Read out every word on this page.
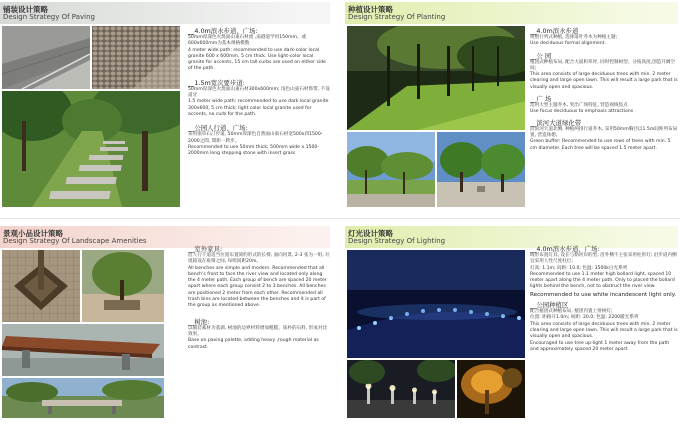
铺装设计策略
Design Strategy Of Paving

__4.0m滨水步道、广场:

50mm厚深色火烧面山東石材流 ,南港道学用150mm、或600x600mm为基本规格模数

4 meter wide path: recommended to use dark-color local granite 600 x 600mm, 5 cm thick. Use light-color local granite for accents, 15 cm tall curbs are used on either side of the path.

__1.5m宽次要步道:

50mm厚深色火烧面山東石材300x600mm; 浅色山東石材饰带, 不设道牙

1.5 meter wide path: recommended to use dark local granite 300x600, 5 cm thick; light color local granite used for accents, no curb for the path.

__公园人行道、广场:

采用嵌草石汀步道, 50mm厚深色自然面山東石材宽500x四1500-2000之間, 間距一跨步。

Recommended to use 50mm thick; 500mm wide x 1500-2000mm long stepping stone with insert grass

种植设计策略
Design Strategy Of Planting

__4.0m滨水步道

规整行列式种植, 选择落叶乔木为种植主题;

Use deciduous formal alignment.

__公 园

植团式种植布局, 配合大面积草坪, 同时控制树型、分枝高度,创造开阔空间;

This area consists of large deciduous trees with min. 2 meter clearing and large open lawn. This will result a large park that is visually open and spacious.

__广 场

选用大型主题乔木, 突出广场特征, 营造视线焦点

Use focus deciduous to emphasis attractions

__滨河大道绿化带

沿滨河大道北侧, 种植两排行道乔木, 采用50mm胸径以1.5m间距列布局置, 营造休憩。

Green buffer: Recommended to use rows of trees with min. 5 cm diameter. Each tree will be spaced 1.5 meter apart.

景观小品设计策略
Design Strategy Of Landscape Amenities

__室外家具:

沿人行千道适当位置布置简约形式的长椅, 面向河景, 2-3 张为一组, 垃圾箱设在座椅之间, 每组间距20m。

All benches are simple and modern. Recommended that all bench's front to face the river view and located only along the 4 meter path. Each group of bench are spaced 20 meter apart where each group consist 2 to 3 benches. All benches are positioned 2 meter from each other. Recommended all trash bins are located between the benches and it is part of the group as mentioned above.

__树池:

以铺装素材为基调, 树池的边界材料增加粗糙、质朴的石料, 形成对比效果。

Base on paving palette, adding heavy ,rough material as contrast.

灯光设计策略
Design Strategy Of Lighting

__4.0m滨水步道、广场:

线形布置灯具, 设在与勒河岸的型, 沿外侧不主张采用柱形灯; 沿步道内侧宜采用人性尺度柱灯;

灯高: 1.1m; 间距: 10.0; 色温: 3500k白光系列

Recommended to use 1.1 meter high bollard light, spaced 10 meter apart along the 4 meter path. Only to placed the bollard lights behind the bench, not to obstruct the river view.

Recommended to use white incandescent light only.

__公园种植区

配合植团式种植布局, 植团内置上射树灯;

位置: 距路开1.0m; 间距: 20.0; 色温: 2200暖光系列

This area consists of large deciduous trees with min. 2 meter clearing and large open lawn. This will result a large park that is visually open and spacious.

Encouraged to use tree up-light 1 meter away from the path and approximately spaced 20 meter apart.
